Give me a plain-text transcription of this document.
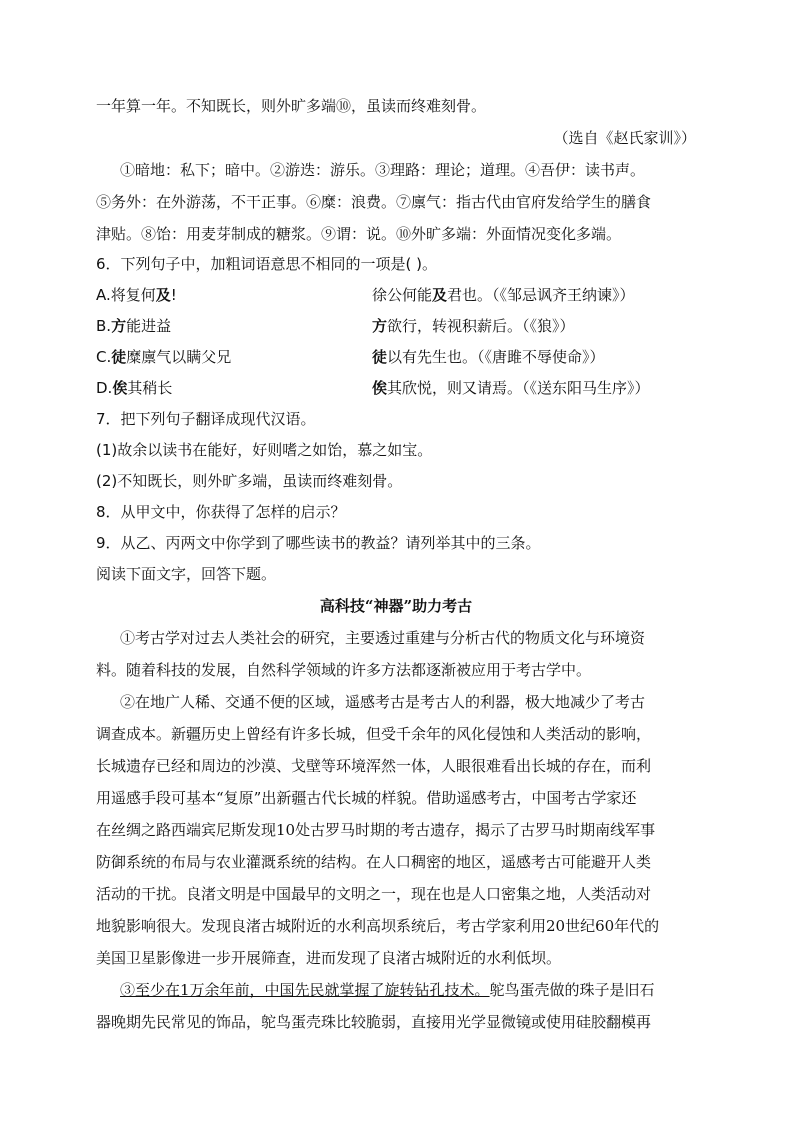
一年算一年。不知既长，则外旷多端⑩，虽读而终难刻骨。
（选自《赵氏家训》）
①暗地：私下；暗中。②游迭：游乐。③理路：理论；道理。④吾伊：读书声。
⑤务外：在外游荡，不干正事。⑥糜：浪费。⑦廪气：指古代由官府发给学生的膳食
津贴。⑧饴：用麦芽制成的糖浆。⑨谓：说。⑩外旷多端：外面情况变化多端。
6．下列句子中，加粗词语意思不相同的一项是( )。
A.将复何及!	徐公何能及君也。（《邹忌讽齐王纳谏》）
B.方能进益	方欲行，转视积薪后。（《狼》）
C.徒糜廪气以瞒父兄	徒以有先生也。（《唐雎不辱使命》）
D.俟其稍长	俟其欣悦，则又请焉。（《送东阳马生序》）
7．把下列句子翻译成现代汉语。
(1)故余以读书在能好，好则嗜之如饴，慕之如宝。
(2)不知既长，则外旷多端，虽读而终难刻骨。
8．从甲文中，你获得了怎样的启示？
9．从乙、丙两文中你学到了哪些读书的教益？请列举其中的三条。
阅读下面文字，回答下题。
高科技“神器”助力考古
①考古学对过去人类社会的研究，主要透过重建与分析古代的物质文化与环境资
料。随着科技的发展，自然科学领域的许多方法都逐渐被应用于考古学中。
②在地广人稀、交通不便的区域，遥感考古是考古人的利器，极大地减少了考古
调查成本。新疆历史上曾经有许多长城，但受千余年的风化侵蚀和人类活动的影响，
长城遗存已经和周边的沙漠、戈壁等环境浑然一体，人眼很难看出长城的存在，而利
用遥感手段可基本“复原”出新疆古代长城的样貌。借助遥感考古，中国考古学家还
在丝绸之路西端宾尼斯发现10处古罗马时期的考古遗存，揭示了古罗马时期南线军事
防御系统的布局与农业灌溉系统的结构。在人口稠密的地区，遥感考古可能避开人类
活动的干扰。良渚文明是中国最早的文明之一，现在也是人口密集之地，人类活动对
地貌影响很大。发现良渚古城附近的水利高坝系统后，考古学家利用20世纪60年代的
美国卫星影像进一步开展筛查，进而发现了良渚古城附近的水利低坝。
③至少在1万余年前，中国先民就掌握了旋转钻孔技术。鸵鸟蛋壳做的珠子是旧石
器晚期先民常见的饰品，鸵鸟蛋壳珠比较脆弱，直接用光学显微镜或使用硅胶翻模再
